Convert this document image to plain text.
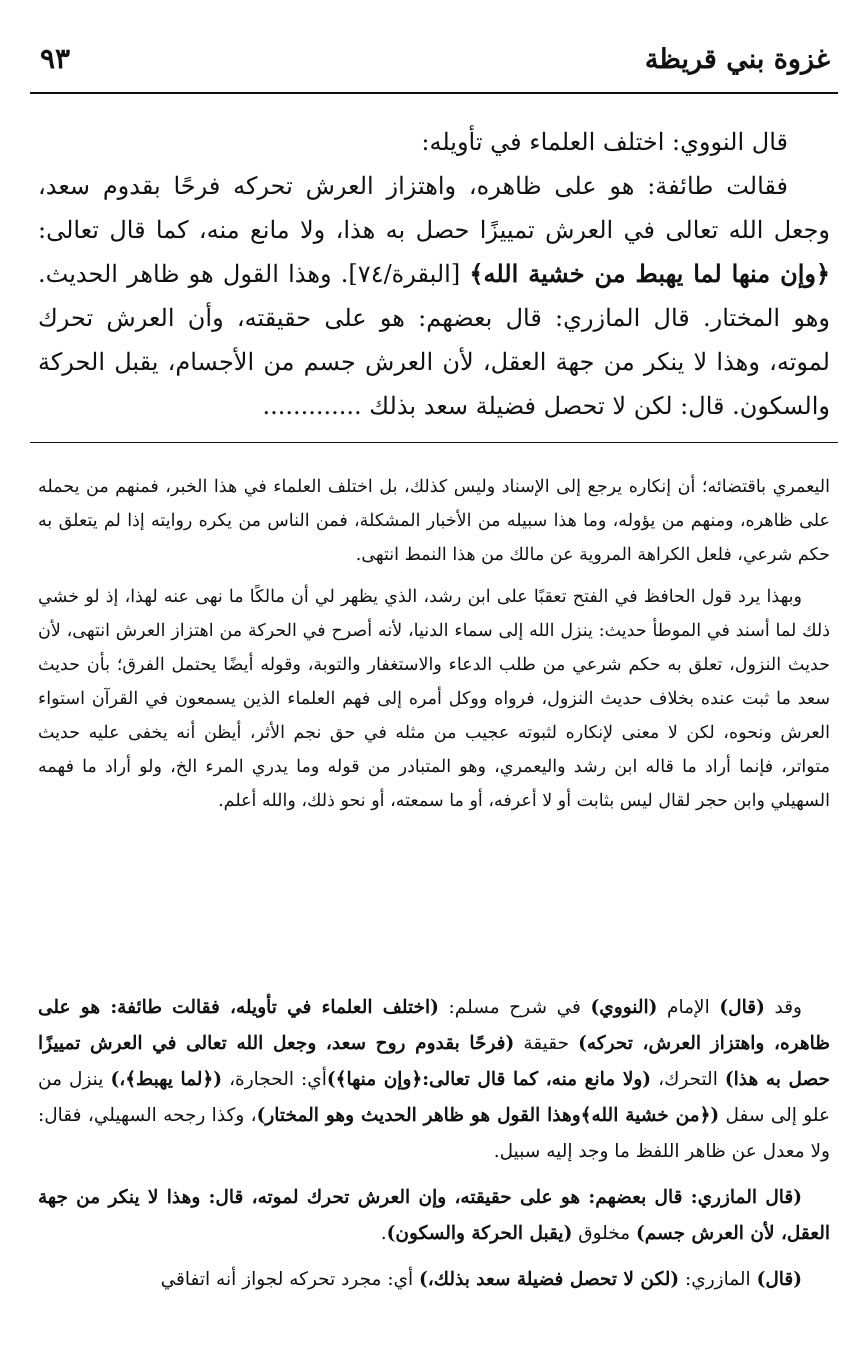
غزوة بني قريظة
٩٣

قال النووي: اختلف العلماء في تأويله:

فقالت طائفة: هو على ظاهره، واهتزاز العرش تحركه فرحًا بقدوم سعد، وجعل الله تعالى في العرش تمييزًا حصل به هذا، ولا مانع منه، كما قال تعالى: ﴿وإن منها لما يهبط من خشية الله﴾ [البقرة/٧٤]. وهذا القول هو ظاهر الحديث. وهو المختار. قال المازري: قال بعضهم: هو على حقيقته، وأن العرش تحرك لموته، وهذا لا ينكر من جهة العقل، لأن العرش جسم من الأجسام، يقبل الحركة والسكون. قال: لكن لا تحصل فضيلة سعد بذلك .............

اليعمري باقتضائه؛ أن إنكاره يرجع إلى الإسناد وليس كذلك، بل اختلف العلماء في هذا الخبر، فمنهم من يحمله على ظاهره، ومنهم من يؤوله، وما هذا سبيله من الأخبار المشكلة، فمن الناس من يكره روايته إذا لم يتعلق به حكم شرعي، فلعل الكراهة المروية عن مالك من هذا النمط انتهى.

وبهذا يرد قول الحافظ في الفتح تعقبًا على ابن رشد، الذي يظهر لي أن مالكًا ما نهى عنه لهذا، إذ لو خشي ذلك لما أسند في الموطأ حديث: ينزل الله إلى سماء الدنيا، لأنه أصرح في الحركة من اهتزاز العرش انتهى، لأن حديث النزول، تعلق به حكم شرعي من طلب الدعاء والاستغفار والتوبة، وقوله أيضًا يحتمل الفرق؛ بأن حديث سعد ما ثبت عنده بخلاف حديث النزول، فرواه ووكل أمره إلى فهم العلماء الذين يسمعون في القرآن استواء العرش ونحوه، لكن لا معنى لإنكاره لثبوته عجيب من مثله في حق نجم الأثر، أيظن أنه يخفى عليه حديث متواتر، فإنما أراد ما قاله ابن رشد واليعمري، وهو المتبادر من قوله وما يدري المرء الخ، ولو أراد ما فهمه السهيلي وابن حجر لقال ليس بثابت أو لا أعرفه، أو ما سمعته، أو نحو ذلك، والله أعلم.

وقد (قال) الإمام (النووي) في شرح مسلم: (اختلف العلماء في تأويله، فقالت طائفة: هو على ظاهره، واهتزاز العرش، تحركه) حقيقة (فرحًا بقدوم روح سعد، وجعل الله تعالى في العرش تمييزًا حصل به هذا) التحرك، (ولا مانع منه، كما قال تعالى:﴿وإن منها﴾)أي: الحجارة، (﴿لما يهبط﴾،) ينزل من علو إلى سفل (﴿من خشية الله﴾وهذا القول هو ظاهر الحديث وهو المختار)، وكذا رجحه السهيلي، فقال: ولا معدل عن ظاهر اللفظ ما وجد إليه سبيل.

(قال المازري: قال بعضهم: هو على حقيقته، وإن العرش تحرك لموته، قال: وهذا لا ينكر من جهة العقل، لأن العرش جسم) مخلوق (يقبل الحركة والسكون).

(قال) المازري: (لكن لا تحصل فضيلة سعد بذلك،) أي: مجرد تحركه لجواز أنه اتفاقي
